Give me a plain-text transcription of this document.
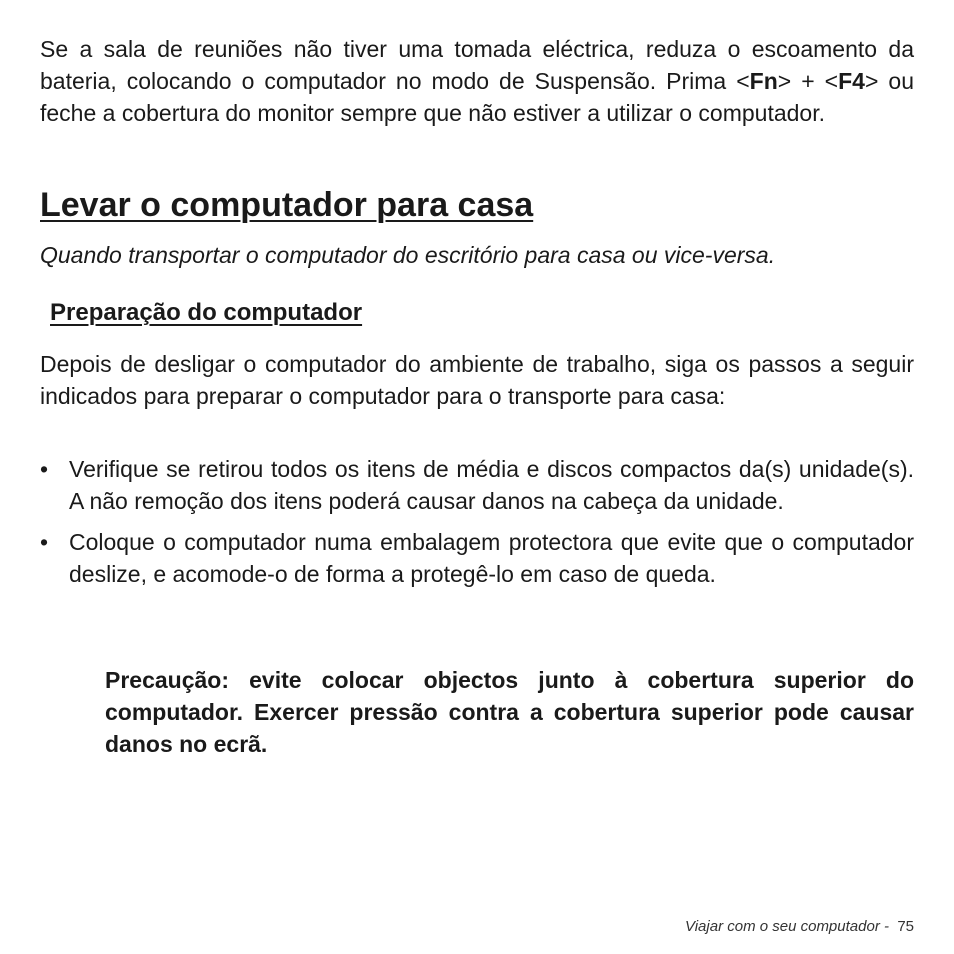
Se a sala de reuniões não tiver uma tomada eléctrica, reduza o escoamento da bateria, colocando o computador no modo de Suspensão. Prima <Fn> + <F4> ou feche a cobertura do monitor sempre que não estiver a utilizar o computador.

Levar o computador para casa

Quando transportar o computador do escritório para casa ou vice-versa.

Preparação do computador

Depois de desligar o computador do ambiente de trabalho, siga os passos a seguir indicados para preparar o computador para o transporte para casa:

• Verifique se retirou todos os itens de média e discos compactos da(s) unidade(s). A não remoção dos itens poderá causar danos na cabeça da unidade.
• Coloque o computador numa embalagem protectora que evite que o computador deslize, e acomode-o de forma a protegê-lo em caso de queda.

Precaução: evite colocar objectos junto à cobertura superior do computador. Exercer pressão contra a cobertura superior pode causar danos no ecrã.

Viajar com o seu computador -  75
